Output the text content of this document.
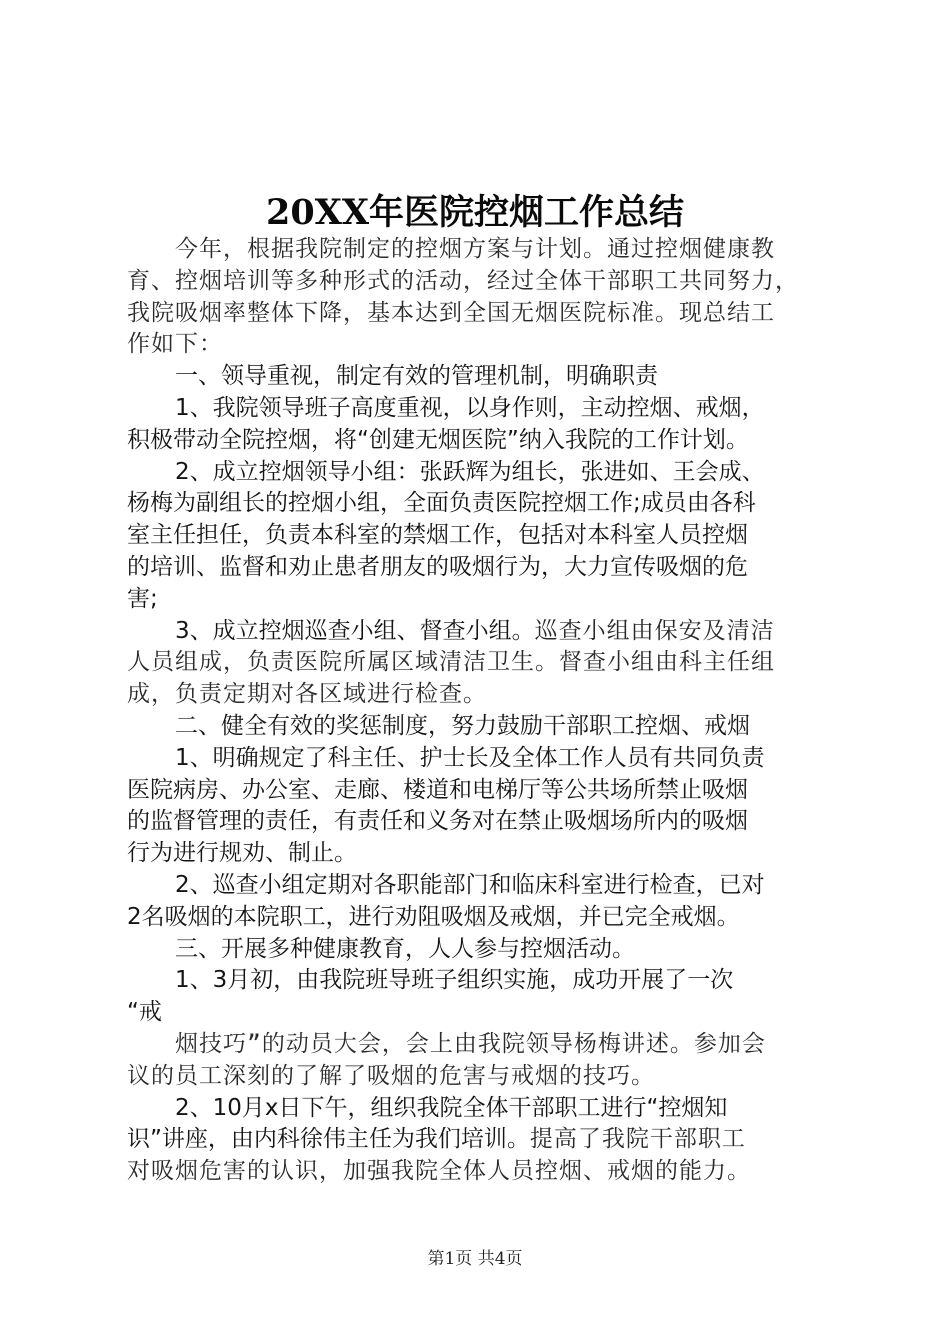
20XX年医院控烟工作总结
今年，根据我院制定的控烟方案与计划。通过控烟健康教
育、控烟培训等多种形式的活动，经过全体干部职工共同努力，
我院吸烟率整体下降，基本达到全国无烟医院标准。现总结工
作如下：
一、领导重视，制定有效的管理机制，明确职责
1、我院领导班子高度重视，以身作则，主动控烟、戒烟，
积极带动全院控烟，将“创建无烟医院”纳入我院的工作计划。
2、成立控烟领导小组：张跃辉为组长，张进如、王会成、
杨梅为副组长的控烟小组，全面负责医院控烟工作;成员由各科
室主任担任，负责本科室的禁烟工作，包括对本科室人员控烟
的培训、监督和劝止患者朋友的吸烟行为，大力宣传吸烟的危
害;
3、成立控烟巡查小组、督查小组。巡查小组由保安及清洁
人员组成，负责医院所属区域清洁卫生。督查小组由科主任组
成，负责定期对各区域进行检查。
二、健全有效的奖惩制度，努力鼓励干部职工控烟、戒烟
1、明确规定了科主任、护士长及全体工作人员有共同负责
医院病房、办公室、走廊、楼道和电梯厅等公共场所禁止吸烟
的监督管理的责任，有责任和义务对在禁止吸烟场所内的吸烟
行为进行规劝、制止。
2、巡查小组定期对各职能部门和临床科室进行检查，已对
2名吸烟的本院职工，进行劝阻吸烟及戒烟，并已完全戒烟。
三、开展多种健康教育，人人参与控烟活动。
1、3月初，由我院班导班子组织实施，成功开展了一次
“戒
烟技巧”的动员大会，会上由我院领导杨梅讲述。参加会
议的员工深刻的了解了吸烟的危害与戒烟的技巧。
2、10月x日下午，组织我院全体干部职工进行“控烟知
识”讲座，由内科徐伟主任为我们培训。提高了我院干部职工
对吸烟危害的认识，加强我院全体人员控烟、戒烟的能力。
第1页 共4页
